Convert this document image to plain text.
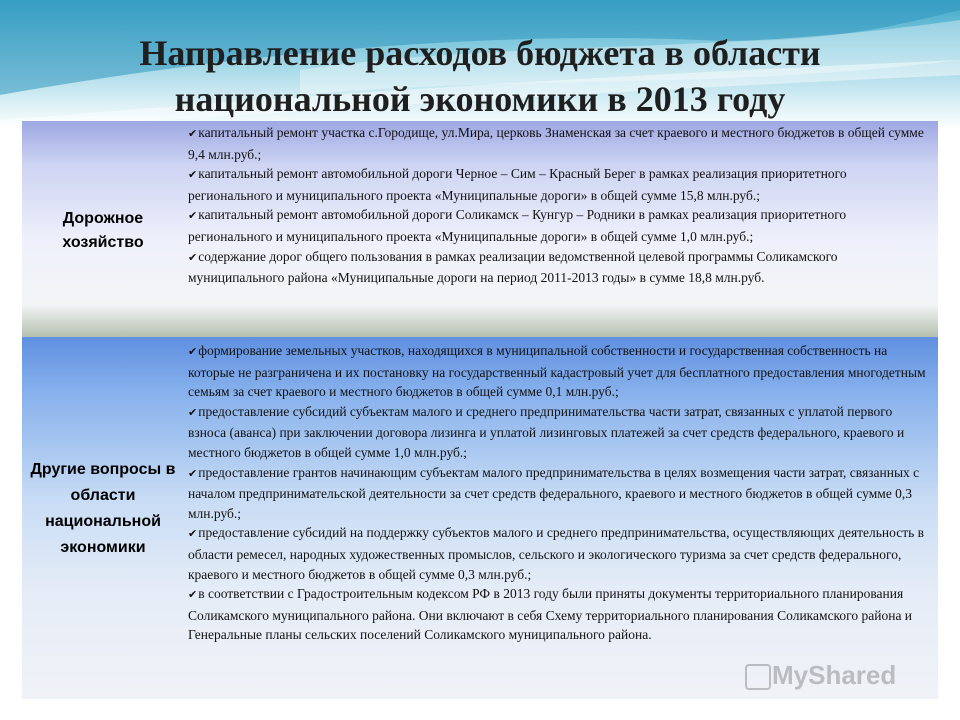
Направление расходов бюджета в области
национальной экономики в 2013 году
Дорожное хозяйство

✔капитальный ремонт участка с.Городище, ул.Мира, церковь Знаменская за счет краевого и местного бюджетов в общей сумме 9,4 млн.руб.;

✔капитальный ремонт автомобильной дороги Черное – Сим – Красный Берег в рамках реализация приоритетного регионального и муниципального проекта «Муниципальные дороги» в общей сумме 15,8 млн.руб.;

✔капитальный ремонт автомобильной дороги Соликамск – Кунгур – Родники в рамках реализация приоритетного регионального и муниципального проекта «Муниципальные дороги» в общей сумме 1,0 млн.руб.;

✔содержание дорог общего пользования в рамках реализации ведомственной целевой программы Соликамского муниципального района «Муниципальные дороги на период 2011-2013 годы» в сумме 18,8 млн.руб.

Другие вопросы в области национальной экономики

✔формирование земельных участков, находящихся в муниципальной собственности и государственная собственность на которые не разграничена и их постановку на государственный кадастровый учет для бесплатного предоставления многодетным семьям за счет краевого и местного бюджетов в общей сумме 0,1 млн.руб.;

✔предоставление субсидий субъектам малого и среднего предпринимательства части затрат, связанных с уплатой первого взноса (аванса) при заключении договора лизинга и уплатой лизинговых платежей за счет средств федерального, краевого и местного бюджетов в общей сумме 1,0 млн.руб.;

✔предоставление грантов начинающим субъектам малого предпринимательства в целях возмещения части затрат, связанных с началом предпринимательской деятельности за счет средств федерального, краевого и местного бюджетов в общей сумме 0,3 млн.руб.;

✔предоставление субсидий на поддержку субъектов малого и среднего предпринимательства, осуществляющих деятельность в области ремесел, народных художественных промыслов, сельского и экологического туризма за счет средств федерального, краевого и местного бюджетов в общей сумме 0,3 млн.руб.;

✔в соответствии с Градостроительным кодексом РФ в 2013 году были приняты документы территориального планирования Соликамского муниципального района. Они включают в себя Схему территориального планирования Соликамского района и Генеральные планы сельских поселений Соликамского муниципального района.

MyShared
